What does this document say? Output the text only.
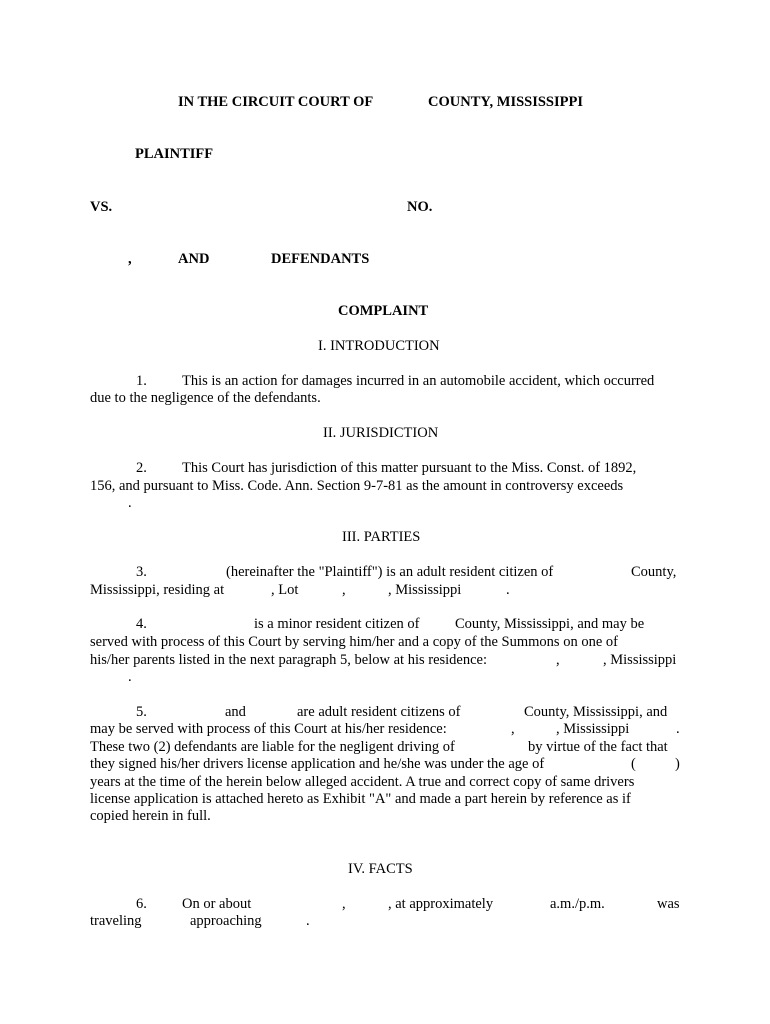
IN THE CIRCUIT COURT OF	COUNTY, MISSISSIPPI
PLAINTIFF
VS.	NO.
,	AND	DEFENDANTS
COMPLAINT
I. INTRODUCTION
1. This is an action for damages incurred in an automobile accident, which occurred
due to the negligence of the defendants.
II. JURISDICTION
2. This Court has jurisdiction of this matter pursuant to the Miss. Const. of 1892,
156, and pursuant to Miss. Code. Ann. Section 9-7-81 as the amount in controversy exceeds
.
III. PARTIES
3.	(hereinafter the "Plaintiff") is an adult resident citizen of	County,
Mississippi, residing at	, Lot	,	, Mississippi	.
4.	is a minor resident citizen of County, Mississippi, and may be
served with process of this Court by serving him/her and a copy of the Summons on one of
his/her parents listed in the next paragraph 5, below at his residence:	,	, Mississippi
.
5.	and	are adult resident citizens of	County, Mississippi, and
may be served with process of this Court at his/her residence:	,	, Mississippi	.
These two (2) defendants are liable for the negligent driving of	by virtue of the fact that
they signed his/her drivers license application and he/she was under the age of	(	)
years at the time of the herein below alleged accident. A true and correct copy of same drivers
license application is attached hereto as Exhibit "A" and made a part herein by reference as if
copied herein in full.
IV. FACTS
6. On or about	,	, at approximately	a.m./p.m.	was
traveling	approaching	.
